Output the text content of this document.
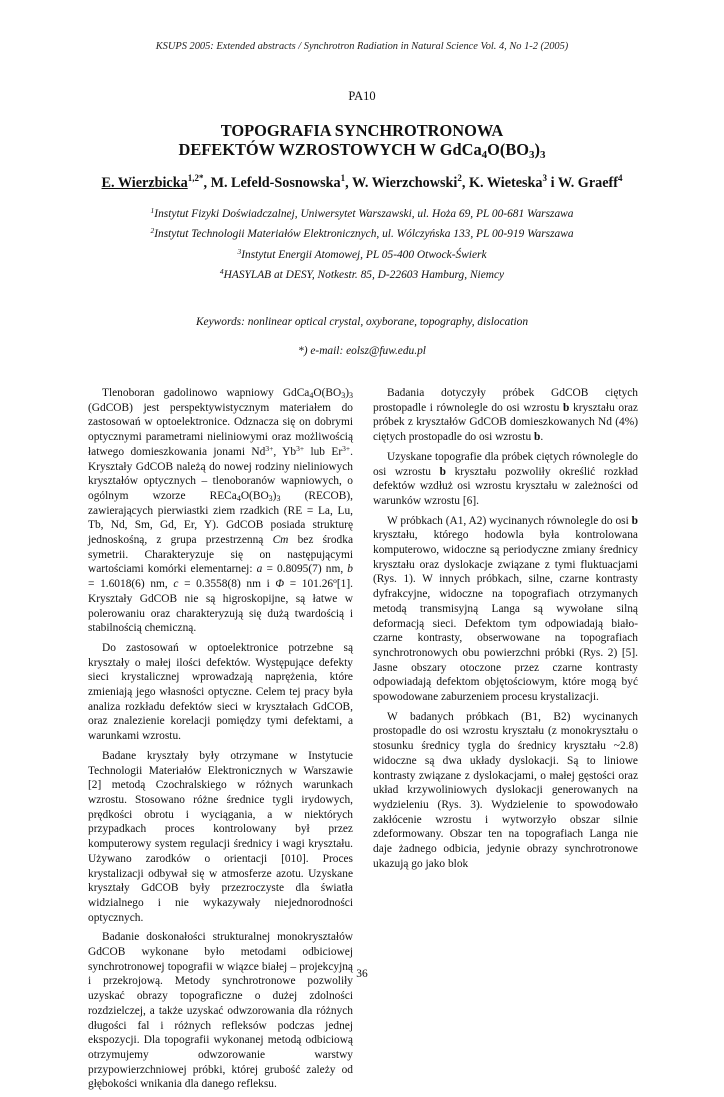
KSUPS 2005: Extended abstracts / Synchrotron Radiation in Natural Science Vol. 4, No 1-2 (2005)
PA10
TOPOGRAFIA SYNCHROTRONOWA
DEFEKTÓW WZROSTOWYCH W $GdCa_4O(BO_3)_3$
E. Wierzbicka$^{1,2*}$, M. Lefeld-Sosnowska$^1$, W. Wierzchowski$^2$, K. Wieteska$^3$ i W. Graeff$^4$
$^1$Instytut Fizyki Doświadczalnej, Uniwersytet Warszawski, ul. Hoża 69, PL 00-681 Warszawa
$^2$Instytut Technologii Materiałów Elektronicznych, ul. Wólczyńska 133, PL 00-919 Warszawa
$^3$Instytut Energii Atomowej, PL 05-400 Otwock-Świerk
$^4$HASYLAB at DESY, Notkestr. 85, D-22603 Hamburg, Niemcy
Keywords: nonlinear optical crystal, oxyborane, topography, dislocation
*) e-mail: eolsz@fuw.edu.pl

Tlenoboran gadolinowo wapniowy $GdCa_4O(BO_3)_3$ (GdCOB) jest perspektywistycznym materiałem do zastosowań w optoelektronice. Odznacza się on dobrymi optycznymi parametrami nieliniowymi oraz możliwością łatwego domieszkowania jonami $Nd^{3+}$, $Yb^{3+}$ lub $Er^{3+}$. Kryształy GdCOB należą do nowej rodziny nieliniowych kryształów optycznych – tlenoboranów wapniowych, o ogólnym wzorze $RECa_4O(BO_3)_3$ (RECOB), zawierających pierwiastki ziem rzadkich (RE = La, Lu, Tb, Nd, Sm, Gd, Er, Y). GdCOB posiada strukturę jednoskośną, z grupa przestrzenną Cm bez środka symetrii. Charakteryzuje się on następującymi wartościami komórki elementarnej: a = 0.8095(7) nm, b = 1.6018(6) nm, c = 0.3558(8) nm i $\Phi = 101.26^o[1]$. Kryształy GdCOB nie są higroskopijne, są łatwe w polerowaniu oraz charakteryzują się dużą twardością i stabilnością chemiczną.

Do zastosowań w optoelektronice potrzebne są kryształy o małej ilości defektów. Występujące defekty sieci krystalicznej wprowadzają naprężenia, które zmieniają jego własności optyczne. Celem tej pracy była analiza rozkładu defektów sieci w kryształach GdCOB, oraz znalezienie korelacji pomiędzy tymi defektami, a warunkami wzrostu.

Badane kryształy były otrzymane w Instytucie Technologii Materiałów Elektronicznych w Warszawie [2] metodą Czochralskiego w różnych warunkach wzrostu. Stosowano różne średnice tygli irydowych, prędkości obrotu i wyciągania, a w niektórych przypadkach proces kontrolowany był przez komputerowy system regulacji średnicy i wagi kryształu. Używano zarodków o orientacji [010]. Proces krystalizacji odbywał się w atmosferze azotu. Uzyskane kryształy GdCOB były przezroczyste dla światła widzialnego i nie wykazywały niejednorodności optycznych.

Badanie doskonałości strukturalnej monokryształów GdCOB wykonane było metodami odbiciowej synchrotronowej topografii w wiązce białej – projekcyjną i przekrojową. Metody synchrotronowe pozwoliły uzyskać obrazy topograficzne o dużej zdolności rozdzielczej, a także uzyskać odwzorowania dla różnych długości fal i różnych refleksów podczas jednej ekspozycji. Dla topografii wykonanej metodą odbiciową otrzymujemy odwzorowanie warstwy przypowierzchniowej próbki, której grubość zależy od głębokości wnikania dla danego refleksu.

Badania dotyczyły próbek GdCOB ciętych prostopadle i równolegle do osi wzrostu b kryształu oraz próbek z kryształów GdCOB domieszkowanych Nd (4%) ciętych prostopadle do osi wzrostu b.

Uzyskane topografie dla próbek ciętych równolegle do osi wzrostu b kryształu pozwoliły określić rozkład defektów wzdłuż osi wzrostu kryształu w zależności od warunków wzrostu [6].

W próbkach (A1, A2) wycinanych równolegle do osi b kryształu, którego hodowla była kontrolowana komputerowo, widoczne są periodyczne zmiany średnicy kryształu oraz dyslokacje związane z tymi fluktuacjami (Rys. 1). W innych próbkach, silne, czarne kontrasty dyfrakcyjne, widoczne na topografiach otrzymanych metodą transmisyjną Langa są wywołane silną deformacją sieci. Defektom tym odpowiadają biało-czarne kontrasty, obserwowane na topografiach synchrotronowych obu powierzchni próbki (Rys. 2) [5]. Jasne obszary otoczone przez czarne kontrasty odpowiadają defektom objętościowym, które mogą być spowodowane zaburzeniem procesu krystalizacji.

W badanych próbkach (B1, B2) wycinanych prostopadle do osi wzrostu kryształu (z monokryształu o stosunku średnicy tygla do średnicy kryształu ~2.8) widoczne są dwa układy dyslokacji. Są to liniowe kontrasty związane z dyslokacjami, o małej gęstości oraz układ krzywoliniowych dyslokacji generowanych na wydzieleniu (Rys. 3). Wydzielenie to spowodowało zakłócenie wzrostu i wytworzyło obszar silnie zdeformowany. Obszar ten na topografiach Langa nie daje żadnego odbicia, jedynie obrazy synchrotronowe ukazują go jako blok

36
